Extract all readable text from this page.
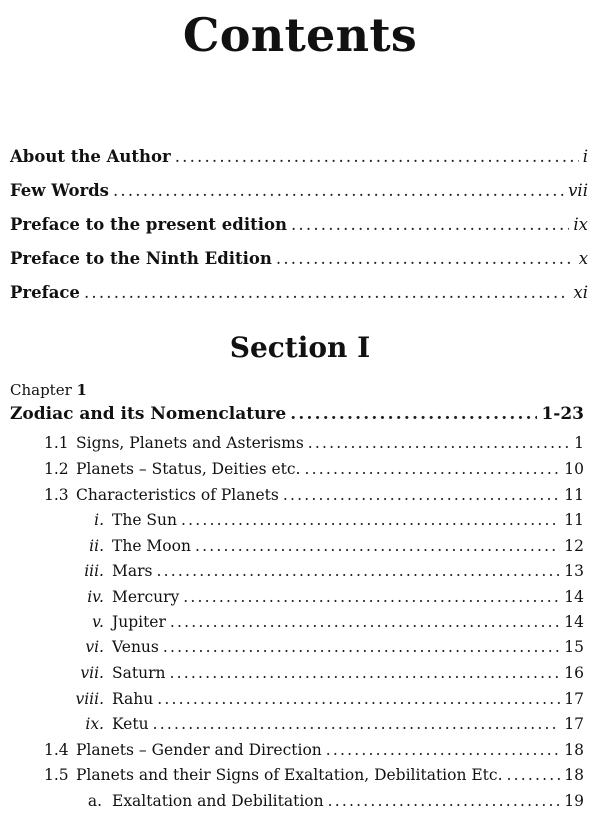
Contents
About the Author .....	i
Few Words .....	vii
Preface to the present edition .....	ix
Preface to the Ninth Edition .....	x
Preface .....	xi
Section I
Chapter 1
Zodiac and its Nomenclature .....	1-23
1.1 Signs, Planets and Asterisms .....	1
1.2 Planets – Status, Deities etc. .....	10
1.3 Characteristics of Planets .....	11
i. The Sun .....	11
ii. The Moon .....	12
iii. Mars .....	13
iv. Mercury .....	14
v. Jupiter .....	14
vi. Venus .....	15
vii. Saturn .....	16
viii. Rahu .....	17
ix. Ketu .....	17
1.4 Planets – Gender and Direction .....	18
1.5 Planets and their Signs of Exaltation, Debilitation Etc. .....	18
a. Exaltation and Debilitation .....	19
